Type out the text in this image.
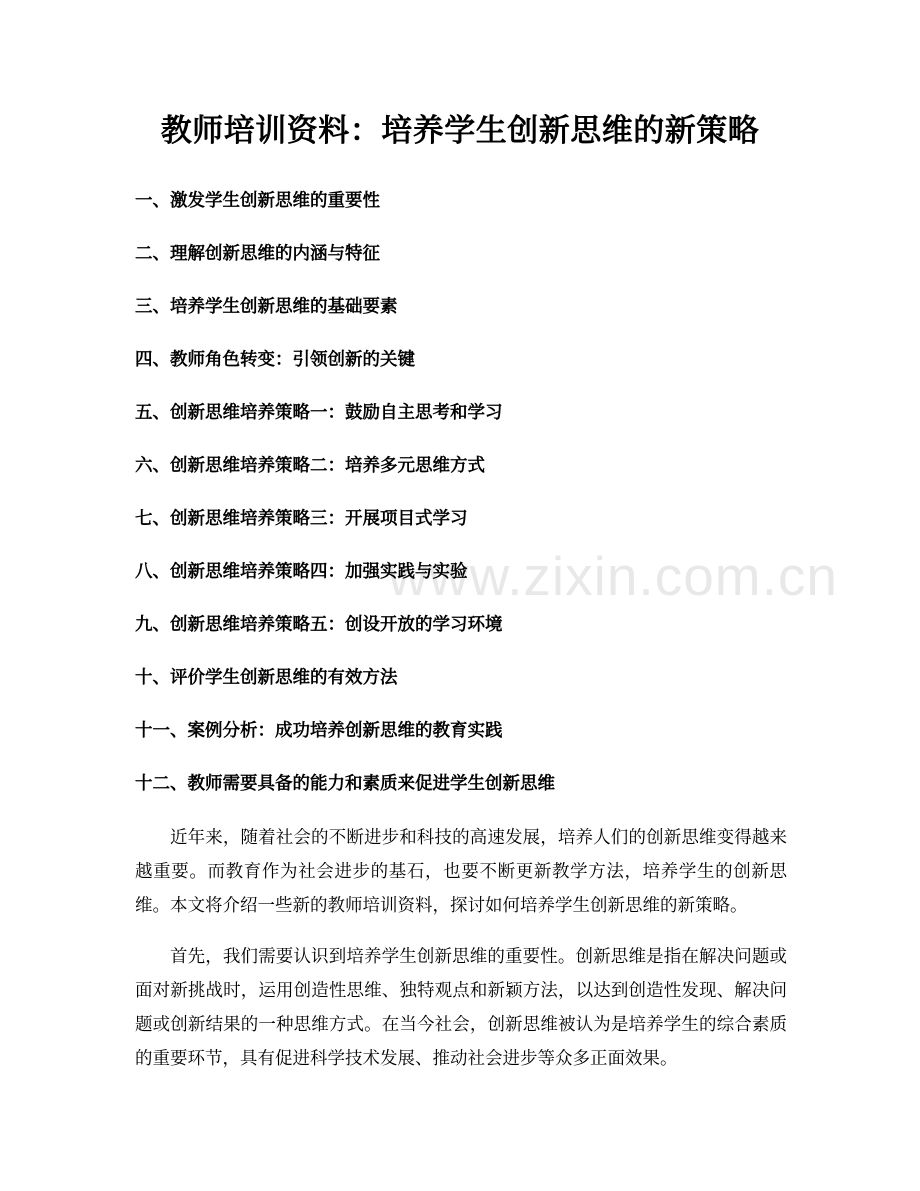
教师培训资料：培养学生创新思维的新策略
一、激发学生创新思维的重要性
二、理解创新思维的内涵与特征
三、培养学生创新思维的基础要素
四、教师角色转变：引领创新的关键
五、创新思维培养策略一：鼓励自主思考和学习
六、创新思维培养策略二：培养多元思维方式
七、创新思维培养策略三：开展项目式学习
八、创新思维培养策略四：加强实践与实验
九、创新思维培养策略五：创设开放的学习环境
十、评价学生创新思维的有效方法
十一、案例分析：成功培养创新思维的教育实践
十二、教师需要具备的能力和素质来促进学生创新思维

近年来，随着社会的不断进步和科技的高速发展，培养人们的创新思维变得越来越重要。而教育作为社会进步的基石，也要不断更新教学方法，培养学生的创新思维。本文将介绍一些新的教师培训资料，探讨如何培养学生创新思维的新策略。

首先，我们需要认识到培养学生创新思维的重要性。创新思维是指在解决问题或面对新挑战时，运用创造性思维、独特观点和新颖方法，以达到创造性发现、解决问题或创新结果的一种思维方式。在当今社会，创新思维被认为是培养学生的综合素质的重要环节，具有促进科学技术发展、推动社会进步等众多正面效果。

www.zixin.com.cn
